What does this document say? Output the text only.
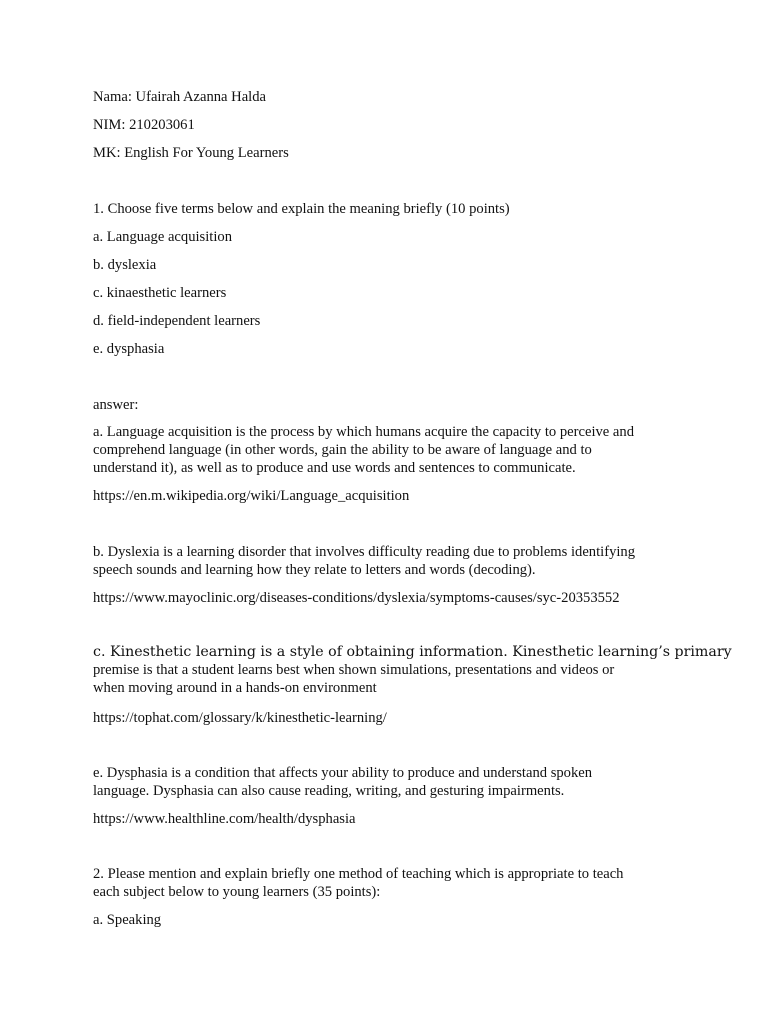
Nama: Ufairah Azanna Halda
NIM: 210203061
MK: English For Young Learners
1. Choose five terms below and explain the meaning briefly (10 points)
a. Language acquisition
b. dyslexia
c. kinaesthetic learners
d. field-independent learners
e. dysphasia
answer:
a. Language acquisition is the process by which humans acquire the capacity to perceive and
comprehend language (in other words, gain the ability to be aware of language and to
understand it), as well as to produce and use words and sentences to communicate.
https://en.m.wikipedia.org/wiki/Language_acquisition
b. Dyslexia is a learning disorder that involves difficulty reading due to problems identifying
speech sounds and learning how they relate to letters and words (decoding).
https://www.mayoclinic.org/diseases-conditions/dyslexia/symptoms-causes/syc-20353552
c. Kinesthetic learning is a style of obtaining information. Kinesthetic learning’s primary
premise is that a student learns best when shown simulations, presentations and videos or
when moving around in a hands-on environment
https://tophat.com/glossary/k/kinesthetic-learning/
e. Dysphasia is a condition that affects your ability to produce and understand spoken
language. Dysphasia can also cause reading, writing, and gesturing impairments.
https://www.healthline.com/health/dysphasia
2. Please mention and explain briefly one method of teaching which is appropriate to teach
each subject below to young learners (35 points):
a. Speaking
